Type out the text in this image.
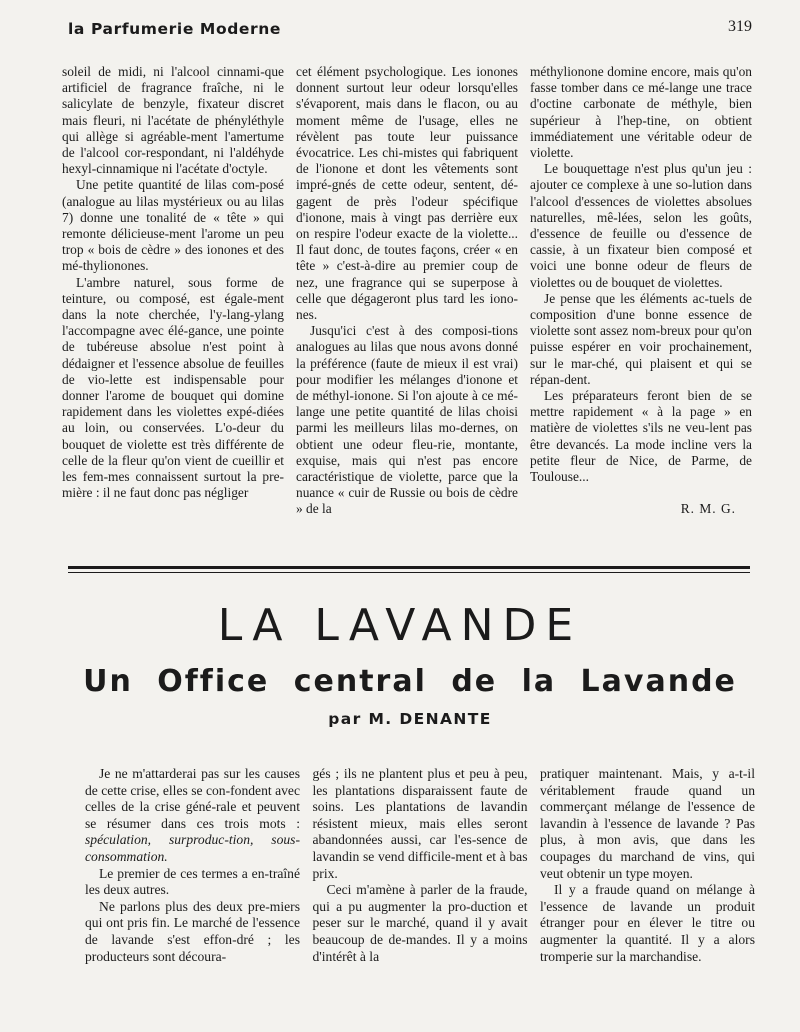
la Parfumerie Moderne	319

soleil de midi, ni l'alcool cinnami-que artificiel de fragrance fraîche, ni le salicylate de benzyle, fixateur discret mais fleuri, ni l'acétate de phényléthyle qui allège si agréable-ment l'amertume de l'alcool cor-respondant, ni l'aldéhyde hexyl-cinnamique ni l'acétate d'octyle.

Une petite quantité de lilas com-posé (analogue au lilas mystérieux ou au lilas 7) donne une tonalité de « tête » qui remonte délicieuse-ment l'arome un peu trop « bois de cèdre » des ionones et des mé-thylionones.

L'ambre naturel, sous forme de teinture, ou composé, est égale-ment dans la note cherchée, l'y-lang-ylang l'accompagne avec élé-gance, une pointe de tubéreuse absolue n'est point à dédaigner et l'essence absolue de feuilles de vio-lette est indispensable pour donner l'arome de bouquet qui domine rapidement dans les violettes expé-diées au loin, ou conservées. L'o-deur du bouquet de violette est très différente de celle de la fleur qu'on vient de cueillir et les fem-mes connaissent surtout la pre-mière : il ne faut donc pas négliger

cet élément psychologique. Les ionones donnent surtout leur odeur lorsqu'elles s'évaporent, mais dans le flacon, ou au moment même de l'usage, elles ne révèlent pas toute leur puissance évocatrice. Les chi-mistes qui fabriquent de l'ionone et dont les vêtements sont impré-gnés de cette odeur, sentent, dé-gagent de près l'odeur spécifique d'ionone, mais à vingt pas derrière eux on respire l'odeur exacte de la violette... Il faut donc, de toutes façons, créer « en tête » c'est-à-dire au premier coup de nez, une fragrance qui se superpose à celle que dégageront plus tard les iono-nes.

Jusqu'ici c'est à des composi-tions analogues au lilas que nous avons donné la préférence (faute de mieux il est vrai) pour modifier les mélanges d'ionone et de méthyl-ionone. Si l'on ajoute à ce mé-lange une petite quantité de lilas choisi parmi les meilleurs lilas mo-dernes, on obtient une odeur fleu-rie, montante, exquise, mais qui n'est pas encore caractéristique de violette, parce que la nuance « cuir de Russie ou bois de cèdre » de la

méthylionone domine encore, mais qu'on fasse tomber dans ce mé-lange une trace d'octine carbonate de méthyle, bien supérieur à l'hep-tine, on obtient immédiatement une véritable odeur de violette.

Le bouquettage n'est plus qu'un jeu : ajouter ce complexe à une so-lution dans l'alcool d'essences de violettes absolues naturelles, mê-lées, selon les goûts, d'essence de feuille ou d'essence de cassie, à un fixateur bien composé et voici une bonne odeur de fleurs de violettes ou de bouquet de violettes.

Je pense que les éléments ac-tuels de composition d'une bonne essence de violette sont assez nom-breux pour qu'on puisse espérer en voir prochainement, sur le mar-ché, qui plaisent et qui se répan-dent.

Les préparateurs feront bien de se mettre rapidement « à la page » en matière de violettes s'ils ne veu-lent pas être devancés. La mode incline vers la petite fleur de Nice, de Parme, de Toulouse...

R. M. G.

LA LAVANDE
Un Office central de la Lavande
par M. DENANTE

Je ne m'attarderai pas sur les causes de cette crise, elles se con-fondent avec celles de la crise géné-rale et peuvent se résumer dans ces trois mots : spéculation, surproduc-tion, sous-consommation.

Le premier de ces termes a en-traîné les deux autres.

Ne parlons plus des deux pre-miers qui ont pris fin. Le marché de l'essence de lavande s'est effon-dré ; les producteurs sont découra-

gés ; ils ne plantent plus et peu à peu, les plantations disparaissent faute de soins. Les plantations de lavandin résistent mieux, mais elles seront abandonnées aussi, car l'es-sence de lavandin se vend difficile-ment et à bas prix.

Ceci m'amène à parler de la fraude, qui a pu augmenter la pro-duction et peser sur le marché, quand il y avait beaucoup de de-mandes. Il y a moins d'intérêt à la

pratiquer maintenant. Mais, y a-t-il véritablement fraude quand un commerçant mélange de l'essence de lavandin à l'essence de lavande ? Pas plus, à mon avis, que dans les coupages du marchand de vins, qui veut obtenir un type moyen.

Il y a fraude quand on mélange à l'essence de lavande un produit étranger pour en élever le titre ou augmenter la quantité. Il y a alors tromperie sur la marchandise.
